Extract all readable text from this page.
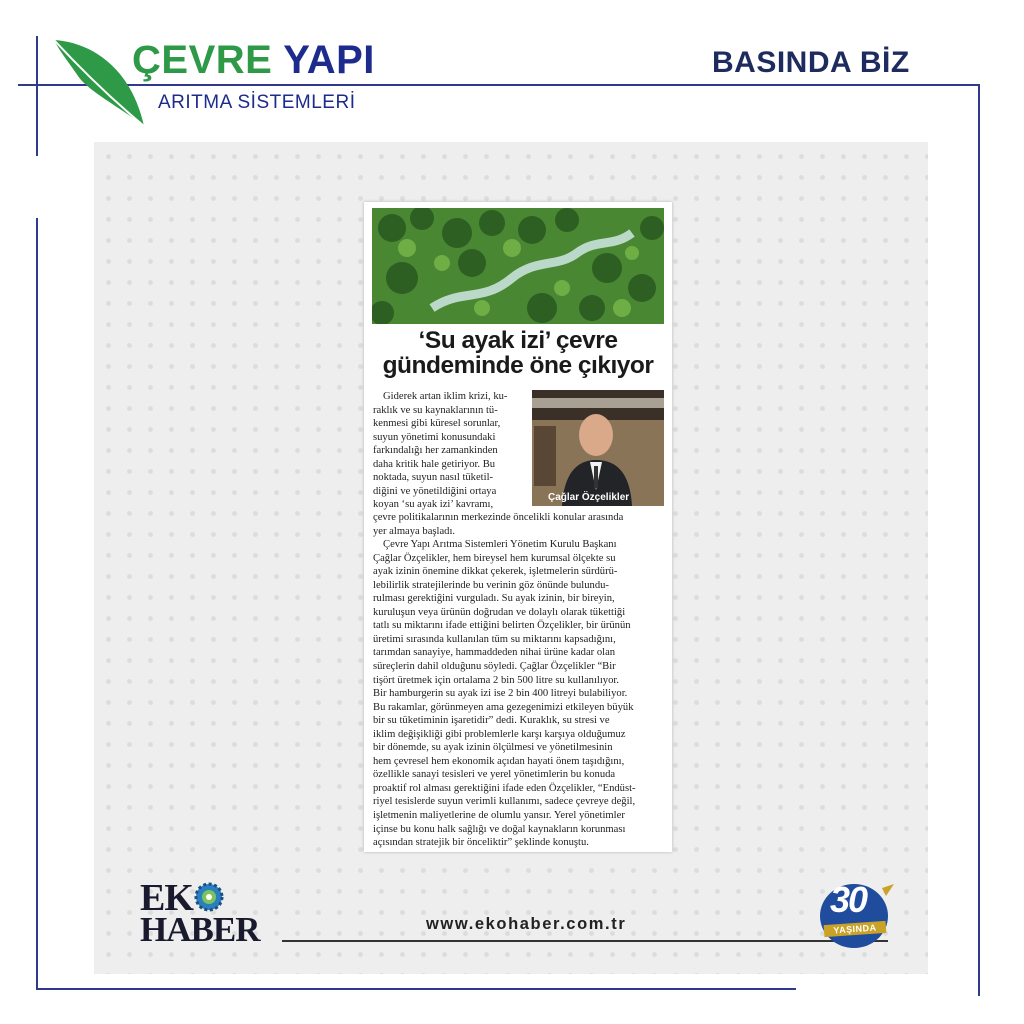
ÇEVRE YAPI
ARITMA SİSTEMLERİ
BASINDA BİZ
‘Su ayak izi’ çevre
gündeminde öne çıkıyor
Çağlar Özçelikler
Giderek artan iklim krizi, ku-
raklık ve su kaynaklarının tü-
kenmesi gibi küresel sorunlar,
suyun yönetimi konusundaki
farkındalığı her zamankinden
daha kritik hale getiriyor. Bu
noktada, suyun nasıl tüketil-
diğini ve yönetildiğini ortaya
koyan ‘su ayak izi’ kavramı,
çevre politikalarının merkezinde öncelikli konular arasında
yer almaya başladı.
Çevre Yapı Arıtma Sistemleri Yönetim Kurulu Başkanı
Çağlar Özçelikler, hem bireysel hem kurumsal ölçekte su
ayak izinin önemine dikkat çekerek, işletmelerin sürdürü-
lebilirlik stratejilerinde bu verinin göz önünde bulundu-
rulması gerektiğini vurguladı. Su ayak izinin, bir bireyin,
kuruluşun veya ürünün doğrudan ve dolaylı olarak tükettiği
tatlı su miktarını ifade ettiğini belirten Özçelikler, bir ürünün
üretimi sırasında kullanılan tüm su miktarını kapsadığını,
tarımdan sanayiye, hammaddeden nihai ürüne kadar olan
süreçlerin dahil olduğunu söyledi. Çağlar Özçelikler “Bir
tişört üretmek için ortalama 2 bin 500 litre su kullanılıyor.
Bir hamburgerin su ayak izi ise 2 bin 400 litreyi bulabiliyor.
Bu rakamlar, görünmeyen ama gezegenimizi etkileyen büyük
bir su tüketiminin işaretidir” dedi. Kuraklık, su stresi ve
iklim değişikliği gibi problemlerle karşı karşıya olduğumuz
bir dönemde, su ayak izinin ölçülmesi ve yönetilmesinin
hem çevresel hem ekonomik açıdan hayati önem taşıdığını,
özellikle sanayi tesisleri ve yerel yönetimlerin bu konuda
proaktif rol alması gerektiğini ifade eden Özçelikler, “Endüst-
riyel tesislerde suyun verimli kullanımı, sadece çevreye değil,
işletmenin maliyetlerine de olumlu yansır. Yerel yönetimler
içinse bu konu halk sağlığı ve doğal kaynakların korunması
açısından stratejik bir önceliktir” şeklinde konuştu.
EK
HABER	www.ekohaber.com.tr
30
YAŞINDA
